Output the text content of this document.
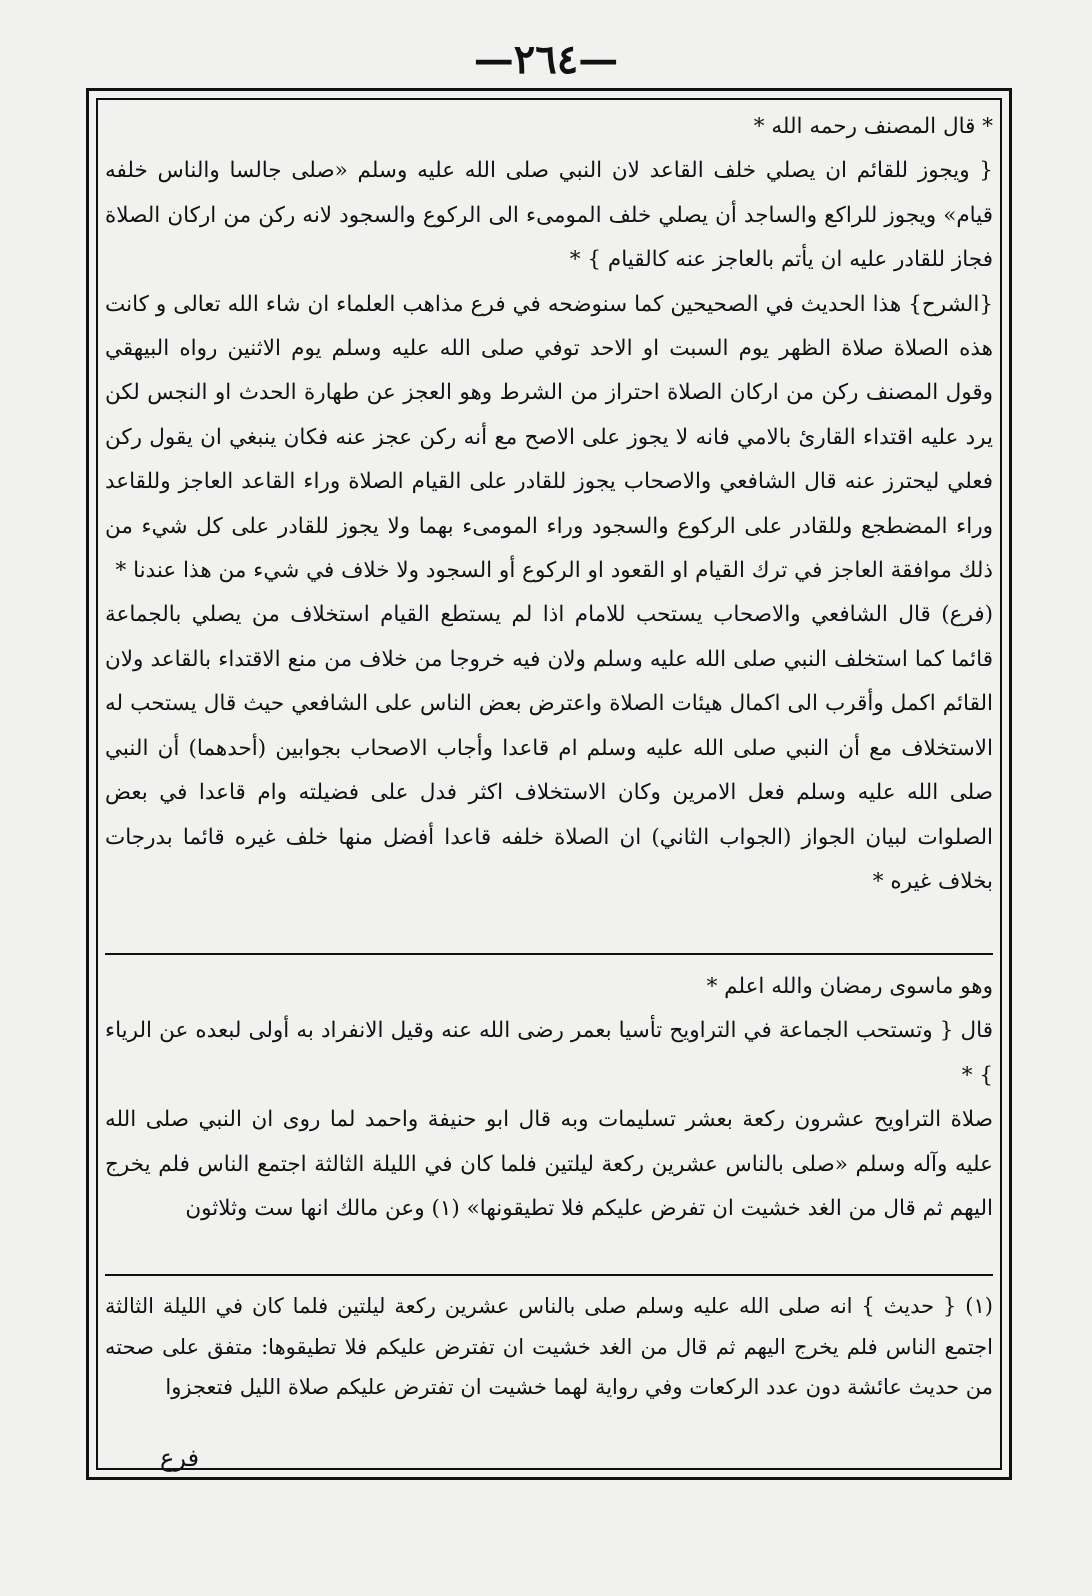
—٢٦٤—

* قال المصنف رحمه الله *

{ ويجوز للقائم ان يصلي خلف القاعد لان النبي صلى الله عليه وسلم «صلى جالسا والناس خلفه قيام» ويجوز للراكع والساجد أن يصلي خلف المومىء الى الركوع والسجود لانه ركن من اركان الصلاة فجاز للقادر عليه ان يأتم بالعاجز عنه كالقيام } *

{الشرح} هذا الحديث في الصحيحين كما سنوضحه في فرع مذاهب العلماء ان شاء الله تعالى و كانت هذه الصلاة صلاة الظهر يوم السبت او الاحد توفي صلى الله عليه وسلم يوم الاثنين رواه البيهقي وقول المصنف ركن من اركان الصلاة احتراز من الشرط وهو العجز عن طهارة الحدث او النجس لكن يرد عليه اقتداء القارئ بالامي فانه لا يجوز على الاصح مع أنه ركن عجز عنه فكان ينبغي ان يقول ركن فعلي ليحترز عنه قال الشافعي والاصحاب يجوز للقادر على القيام الصلاة وراء القاعد العاجز وللقاعد وراء المضطجع وللقادر على الركوع والسجود وراء المومىء بهما ولا يجوز للقادر على كل شيء من ذلك موافقة العاجز في ترك القيام او القعود او الركوع أو السجود ولا خلاف في شيء من هذا عندنا *

(فرع) قال الشافعي والاصحاب يستحب للامام اذا لم يستطع القيام استخلاف من يصلي بالجماعة قائما كما استخلف النبي صلى الله عليه وسلم ولان فيه خروجا من خلاف من منع الاقتداء بالقاعد ولان القائم اكمل وأقرب الى اكمال هيئات الصلاة واعترض بعض الناس على الشافعي حيث قال يستحب له الاستخلاف مع أن النبي صلى الله عليه وسلم ام قاعدا وأجاب الاصحاب بجوابين (أحدهما) أن النبي صلى الله عليه وسلم فعل الامرين وكان الاستخلاف اكثر فدل على فضيلته وام قاعدا في بعض الصلوات لبيان الجواز (الجواب الثاني) ان الصلاة خلفه قاعدا أفضل منها خلف غيره قائما بدرجات بخلاف غيره *

وهو ماسوى رمضان والله اعلم *

قال { وتستحب الجماعة في التراويح تأسيا بعمر رضى الله عنه وقيل الانفراد به أولى لبعده عن الرياء } *

صلاة التراويح عشرون ركعة بعشر تسليمات وبه قال ابو حنيفة واحمد لما روى ان النبي صلى الله عليه وآله وسلم «صلى بالناس عشرين ركعة ليلتين فلما كان في الليلة الثالثة اجتمع الناس فلم يخرج اليهم ثم قال من الغد خشيت ان تفرض عليكم فلا تطيقونها» (١) وعن مالك انها ست وثلاثون

(١) { حديث } انه صلى الله عليه وسلم صلى بالناس عشرين ركعة ليلتين فلما كان في الليلة الثالثة اجتمع الناس فلم يخرج اليهم ثم قال من الغد خشيت ان تفترض عليكم فلا تطيقوها: متفق على صحته من حديث عائشة دون عدد الركعات وفي رواية لهما خشيت ان تفترض عليكم صلاة الليل فتعجزوا
فرع
